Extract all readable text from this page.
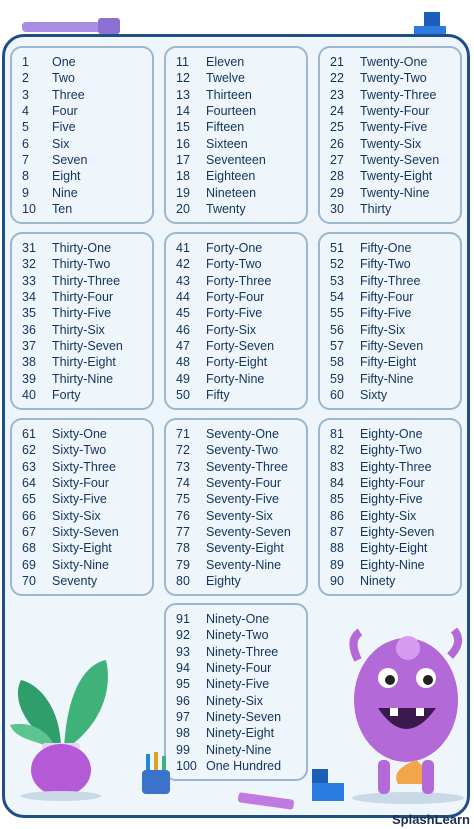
1	One
2	Two
3	Three
4	Four
5	Five
6	Six
7	Seven
8	Eight
9	Nine
10	Ten
11	Eleven
12	Twelve
13	Thirteen
14	Fourteen
15	Fifteen
16	Sixteen
17	Seventeen
18	Eighteen
19	Nineteen
20	Twenty
21	Twenty-One
22	Twenty-Two
23	Twenty-Three
24	Twenty-Four
25	Twenty-Five
26	Twenty-Six
27	Twenty-Seven
28	Twenty-Eight
29	Twenty-Nine
30	Thirty
31	Thirty-One
32	Thirty-Two
33	Thirty-Three
34	Thirty-Four
35	Thirty-Five
36	Thirty-Six
37	Thirty-Seven
38	Thirty-Eight
39	Thirty-Nine
40	Forty
41	Forty-One
42	Forty-Two
43	Forty-Three
44	Forty-Four
45	Forty-Five
46	Forty-Six
47	Forty-Seven
48	Forty-Eight
49	Forty-Nine
50	Fifty
51	Fifty-One
52	Fifty-Two
53	Fifty-Three
54	Fifty-Four
55	Fifty-Five
56	Fifty-Six
57	Fifty-Seven
58	Fifty-Eight
59	Fifty-Nine
60	Sixty
61	Sixty-One
62	Sixty-Two
63	Sixty-Three
64	Sixty-Four
65	Sixty-Five
66	Sixty-Six
67	Sixty-Seven
68	Sixty-Eight
69	Sixty-Nine
70	Seventy
71	Seventy-One
72	Seventy-Two
73	Seventy-Three
74	Seventy-Four
75	Seventy-Five
76	Seventy-Six
77	Seventy-Seven
78	Seventy-Eight
79	Seventy-Nine
80	Eighty
81	Eighty-One
82	Eighty-Two
83	Eighty-Three
84	Eighty-Four
85	Eighty-Five
86	Eighty-Six
87	Eighty-Seven
88	Eighty-Eight
89	Eighty-Nine
90	Ninety
91	Ninety-One
92	Ninety-Two
93	Ninety-Three
94	Ninety-Four
95	Ninety-Five
96	Ninety-Six
97	Ninety-Seven
98	Ninety-Eight
99	Ninety-Nine
100 One Hundred
SplashLearn
